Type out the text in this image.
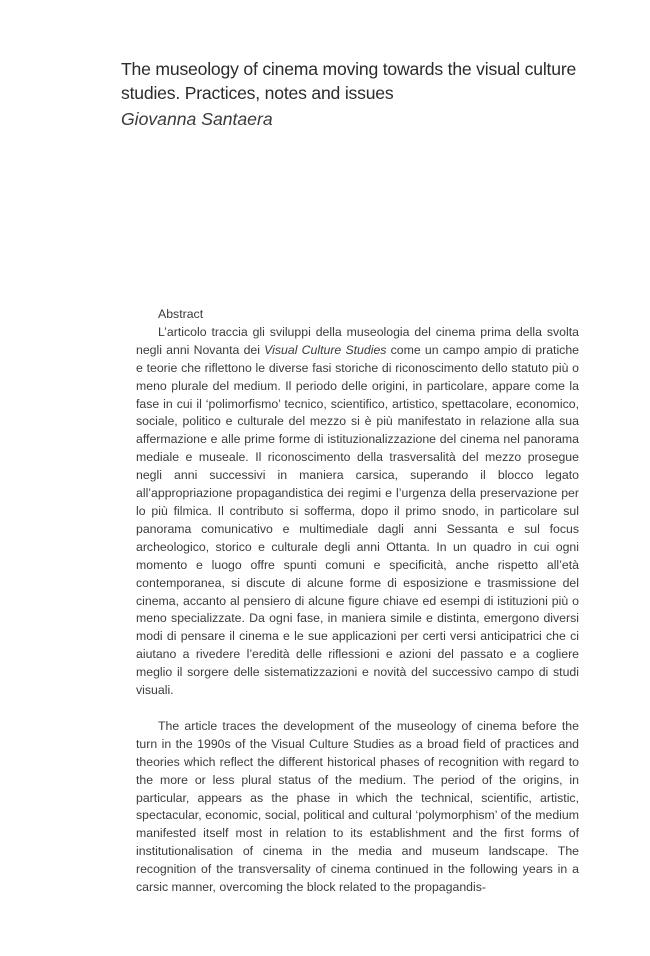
The museology of cinema moving towards the visual culture studies. Practices, notes and issues

Giovanna Santaera

Abstract

L’articolo traccia gli sviluppi della museologia del cinema prima della svolta negli anni Novanta dei Visual Culture Studies come un campo ampio di pratiche e teorie che riflettono le diverse fasi storiche di riconoscimento dello statuto più o meno plurale del medium. Il periodo delle origini, in particolare, appare come la fase in cui il ‘polimorfismo’ tecnico, scientifico, artistico, spettacolare, economico, sociale, politico e culturale del mezzo si è più manifestato in relazione alla sua affermazione e alle prime forme di istituzionalizzazione del cinema nel panorama mediale e museale. Il riconoscimento della trasversalità del mezzo prosegue negli anni successivi in maniera carsica, superando il blocco legato all’appropriazione propagandistica dei regimi e l’urgenza della preservazione per lo più filmica. Il contributo si sofferma, dopo il primo snodo, in particolare sul panorama comunicativo e multimediale dagli anni Sessanta e sul focus archeologico, storico e culturale degli anni Ottanta. In un quadro in cui ogni momento e luogo offre spunti comuni e specificità, anche rispetto all’età contemporanea, si discute di alcune forme di esposizione e trasmissione del cinema, accanto al pensiero di alcune figure chiave ed esempi di istituzioni più o meno specializzate. Da ogni fase, in maniera simile e distinta, emergono diversi modi di pensare il cinema e le sue applicazioni per certi versi anticipatrici che ci aiutano a rivedere l’eredità delle riflessioni e azioni del passato e a cogliere meglio il sorgere delle sistematizzazioni e novità del successivo campo di studi visuali.

The article traces the development of the museology of cinema before the turn in the 1990s of the Visual Culture Studies as a broad field of practices and theories which reflect the different historical phases of recognition with regard to the more or less plural status of the medium. The period of the origins, in particular, appears as the phase in which the technical, scientific, artistic, spectacular, economic, social, political and cultural ‘polymorphism’ of the medium manifested itself most in relation to its establishment and the first forms of institutionalisation of cinema in the media and museum landscape. The recognition of the transversality of cinema continued in the following years in a carsic manner, overcoming the block related to the propagandis-
